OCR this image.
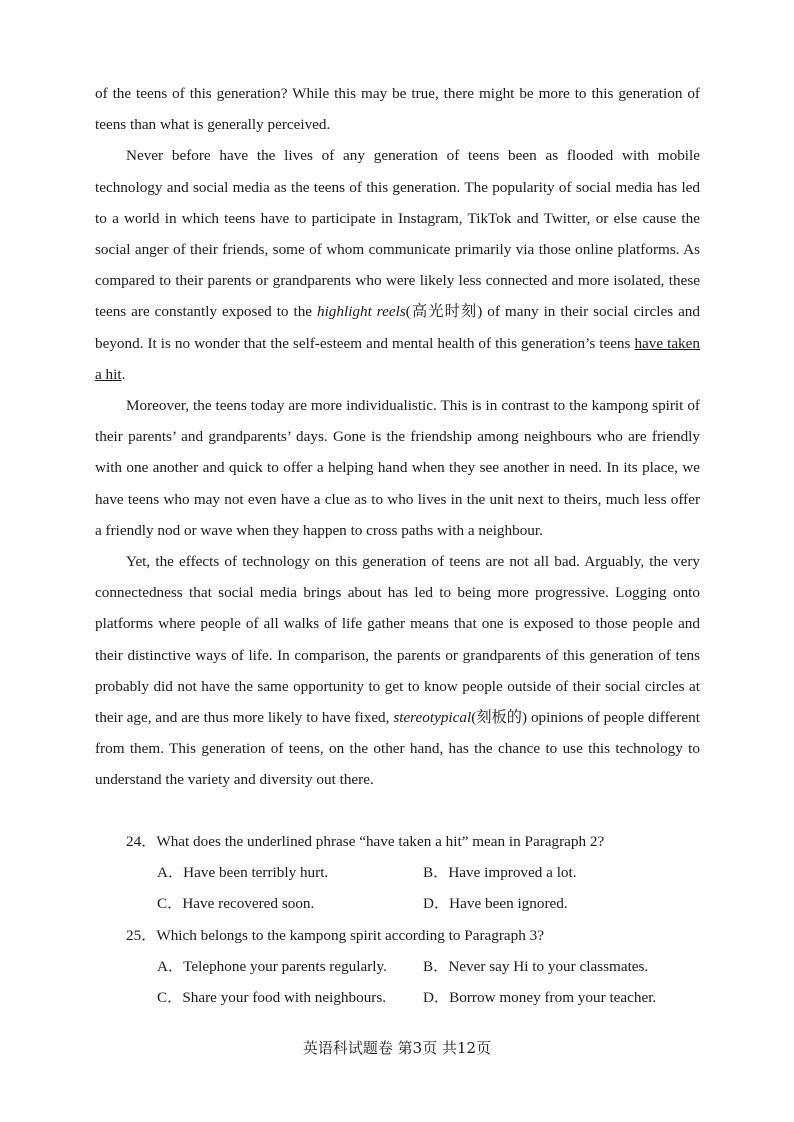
of the teens of this generation? While this may be true, there might be more to this generation of teens than what is generally perceived.

Never before have the lives of any generation of teens been as flooded with mobile technology and social media as the teens of this generation. The popularity of social media has led to a world in which teens have to participate in Instagram, TikTok and Twitter, or else cause the social anger of their friends, some of whom communicate primarily via those online platforms. As compared to their parents or grandparents who were likely less connected and more isolated, these teens are constantly exposed to the highlight reels(高光时刻) of many in their social circles and beyond. It is no wonder that the self-esteem and mental health of this generation’s teens have taken a hit.

Moreover, the teens today are more individualistic. This is in contrast to the kampong spirit of their parents’ and grandparents’ days. Gone is the friendship among neighbours who are friendly with one another and quick to offer a helping hand when they see another in need. In its place, we have teens who may not even have a clue as to who lives in the unit next to theirs, much less offer a friendly nod or wave when they happen to cross paths with a neighbour.

Yet, the effects of technology on this generation of teens are not all bad. Arguably, the very connectedness that social media brings about has led to being more progressive. Logging onto platforms where people of all walks of life gather means that one is exposed to those people and their distinctive ways of life. In comparison, the parents or grandparents of this generation of tens probably did not have the same opportunity to get to know people outside of their social circles at their age, and are thus more likely to have fixed, stereotypical(刻板的) opinions of people different from them. This generation of teens, on the other hand, has the chance to use this technology to understand the variety and diversity out there.

24．What does the underlined phrase “have taken a hit” mean in Paragraph 2?

A．Have been terribly hurt.	B．Have improved a lot.
C．Have recovered soon.	D．Have been ignored.

25．Which belongs to the kampong spirit according to Paragraph 3?

A．Telephone your parents regularly.	B．Never say Hi to your classmates.
C．Share your food with neighbours.	D．Borrow money from your teacher.
英语科试题卷 第3页 共12页
